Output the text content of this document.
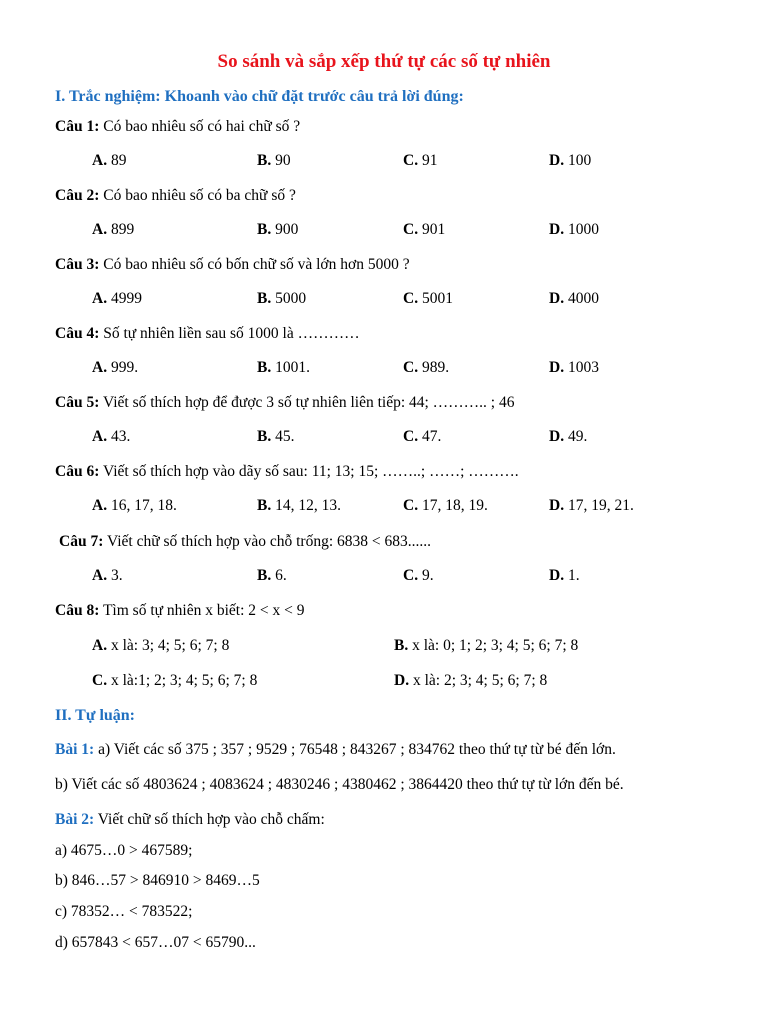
So sánh và sắp xếp thứ tự các số tự nhiên
I. Trắc nghiệm: Khoanh vào chữ đặt trước câu trả lời đúng:
Câu 1: Có bao nhiêu số có hai chữ số ?
A. 89	B. 90	C. 91	D. 100
Câu 2: Có bao nhiêu số có ba chữ số ?
A. 899	B. 900	C. 901	D. 1000
Câu 3: Có bao nhiêu số có bốn chữ số và lớn hơn 5000 ?
A. 4999	B. 5000	C. 5001	D. 4000
Câu 4: Số tự nhiên liền sau số 1000 là …………
A. 999.	B. 1001.	C. 989.	D. 1003
Câu 5: Viết số thích hợp để được 3 số tự nhiên liên tiếp: 44; ……….. ; 46
A. 43.	B. 45.	C. 47.	D. 49.
Câu 6: Viết số thích hợp vào dãy số sau: 11; 13; 15; ……..; ……; ……….
A. 16, 17, 18.	B. 14, 12, 13.	C. 17, 18, 19.	D. 17, 19, 21.
Câu 7: Viết chữ số thích hợp vào chỗ trống: 6838 < 683......
A. 3.	B. 6.	C. 9.	D. 1.
Câu 8: Tìm số tự nhiên x biết: 2 < x < 9
A. x là: 3; 4; 5; 6; 7; 8	B. x là: 0; 1; 2; 3; 4; 5; 6; 7; 8
C. x là:1; 2; 3; 4; 5; 6; 7; 8	D. x là: 2; 3; 4; 5; 6; 7; 8
II. Tự luận:
Bài 1: a) Viết các số 375 ; 357 ; 9529 ; 76548 ; 843267 ; 834762 theo thứ tự từ bé đến lớn.
b) Viết các số 4803624 ; 4083624 ; 4830246 ; 4380462 ; 3864420 theo thứ tự từ lớn đến bé.
Bài 2: Viết chữ số thích hợp vào chỗ chấm:
a) 4675…0 > 467589;
b) 846…57 > 846910 > 8469…5
c) 78352… < 783522;
d) 657843 < 657…07 < 65790...
